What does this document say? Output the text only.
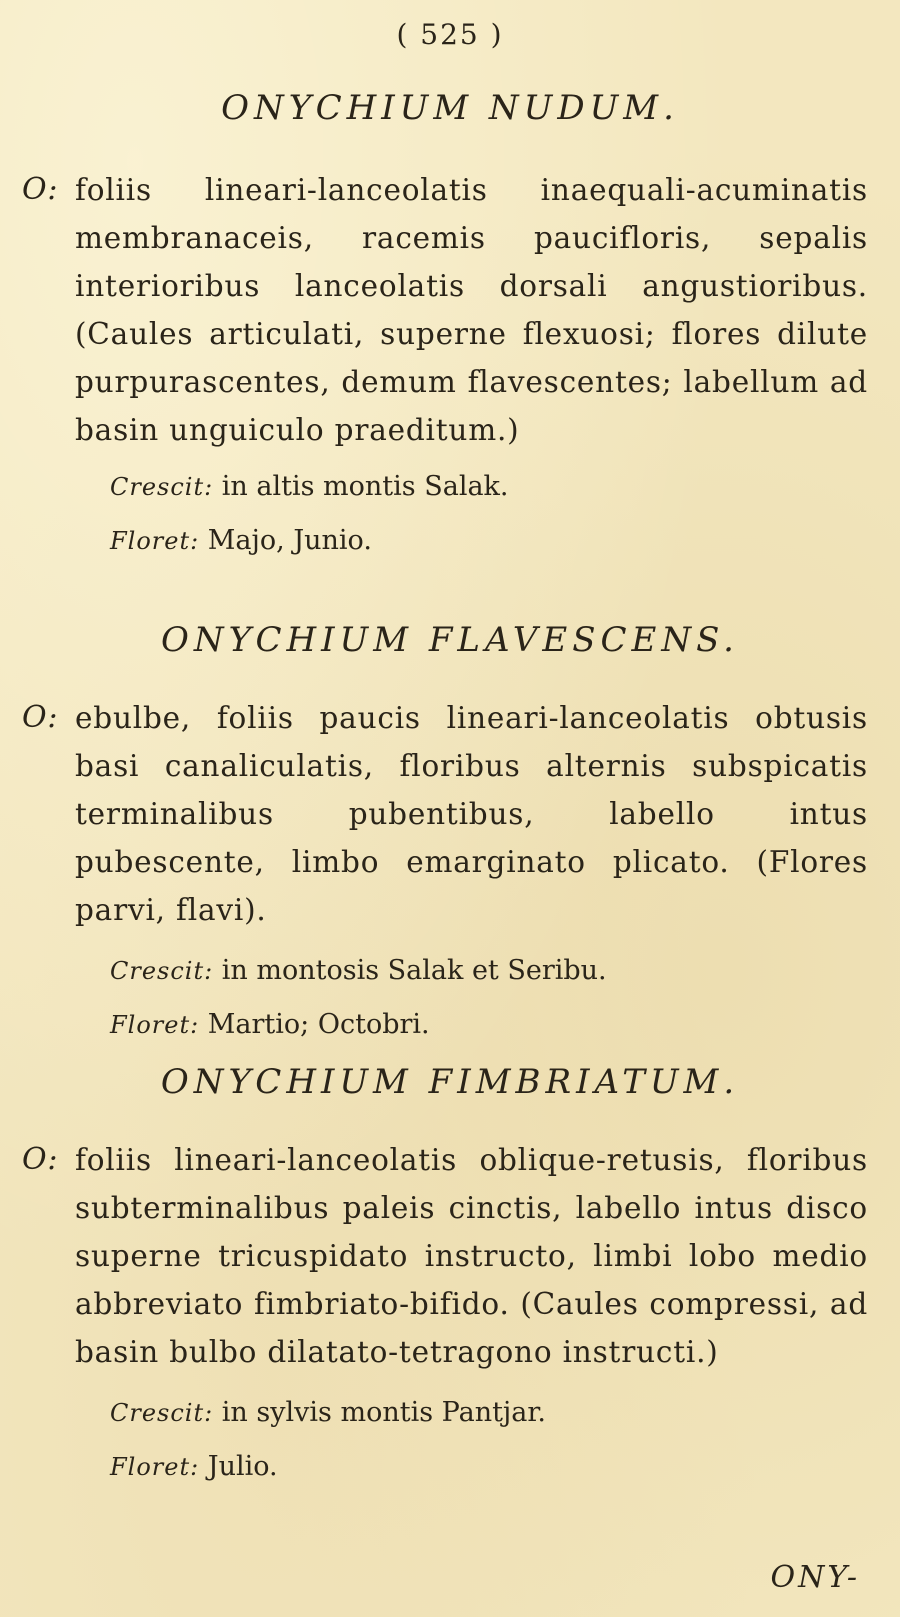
( 525 )
ONYCHIUM NUDUM.

O: foliis lineari-lanceolatis inaequali-acuminatis membranaceis, racemis paucifloris, sepalis interioribus lanceolatis dorsali angustioribus. (Caules articulati, superne flexuosi; flores dilute purpurascentes, demum flavescentes; labellum ad basin unguiculo praeditum.)

Crescit: in altis montis Salak.

Floret: Majo, Junio.

ONYCHIUM FLAVESCENS.

O: ebulbe, foliis paucis lineari-lanceolatis obtusis basi canaliculatis, floribus alternis subspicatis terminalibus pubentibus, labello intus pubescente, limbo emarginato plicato. (Flores parvi, flavi).

Crescit: in montosis Salak et Seribu.

Floret: Martio; Octobri.

ONYCHIUM FIMBRIATUM.

O: foliis lineari-lanceolatis oblique-retusis, floribus subterminalibus paleis cinctis, labello intus disco superne tricuspidato instructo, limbi lobo medio abbreviato fimbriato-bifido. (Caules compressi, ad basin bulbo dilatato-tetragono instructi.)

Crescit: in sylvis montis Pantjar.

Floret: Julio.

ONY-
